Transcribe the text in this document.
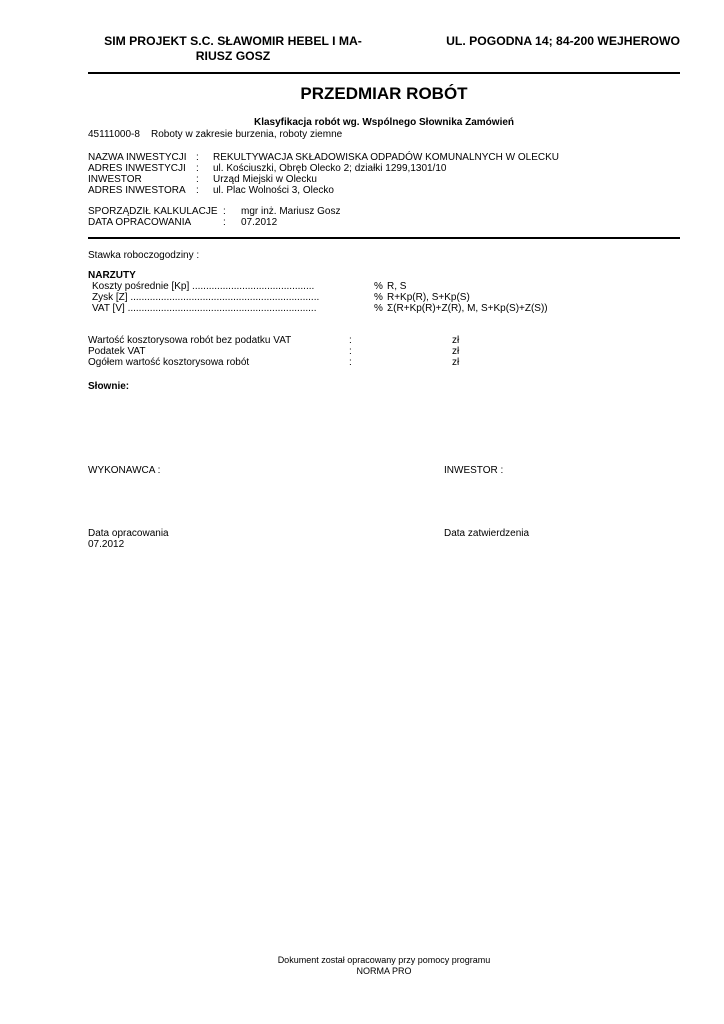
SIM PROJEKT S.C. SŁAWOMIR HEBEL I MA-RIUSZ GOSZ
UL. POGODNA 14; 84-200 WEJHEROWO
PRZEDMIAR ROBÓT
Klasyfikacja robót wg. Wspólnego Słownika Zamówień
45111000-8 Roboty w zakresie burzenia, roboty ziemne
NAZWA INWESTYCJI : REKULTYWACJA SKŁADOWISKA ODPADÓW KOMUNALNYCH W OLECKU
ADRES INWESTYCJI : ul. Kościuszki, Obręb Olecko 2; działki 1299,1301/10
INWESTOR	: Urząd Miejski w Olecku
ADRES INWESTORA : ul. Plac Wolności 3, Olecko
SPORZĄDZIŁ KALKULACJE : mgr inż. Mariusz Gosz
DATA OPRACOWANIA	: 07.2012
Stawka roboczogodziny :
NARZUTY
Koszty pośrednie [Kp] ............................................	% R, S
Zysk [Z] ....................................................................	% R+Kp(R), S+Kp(S)
VAT [V] ....................................................................	% Σ(R+Kp(R)+Z(R), M, S+Kp(S)+Z(S))
Wartość kosztorysowa robót bez podatku VAT	:	zł
Podatek VAT	:	zł
Ogółem wartość kosztorysowa robót	:	zł
Słownie:
WYKONAWCA :	INWESTOR :
Data opracowania
07.2012
Data zatwierdzenia
Dokument został opracowany przy pomocy programu
NORMA PRO
